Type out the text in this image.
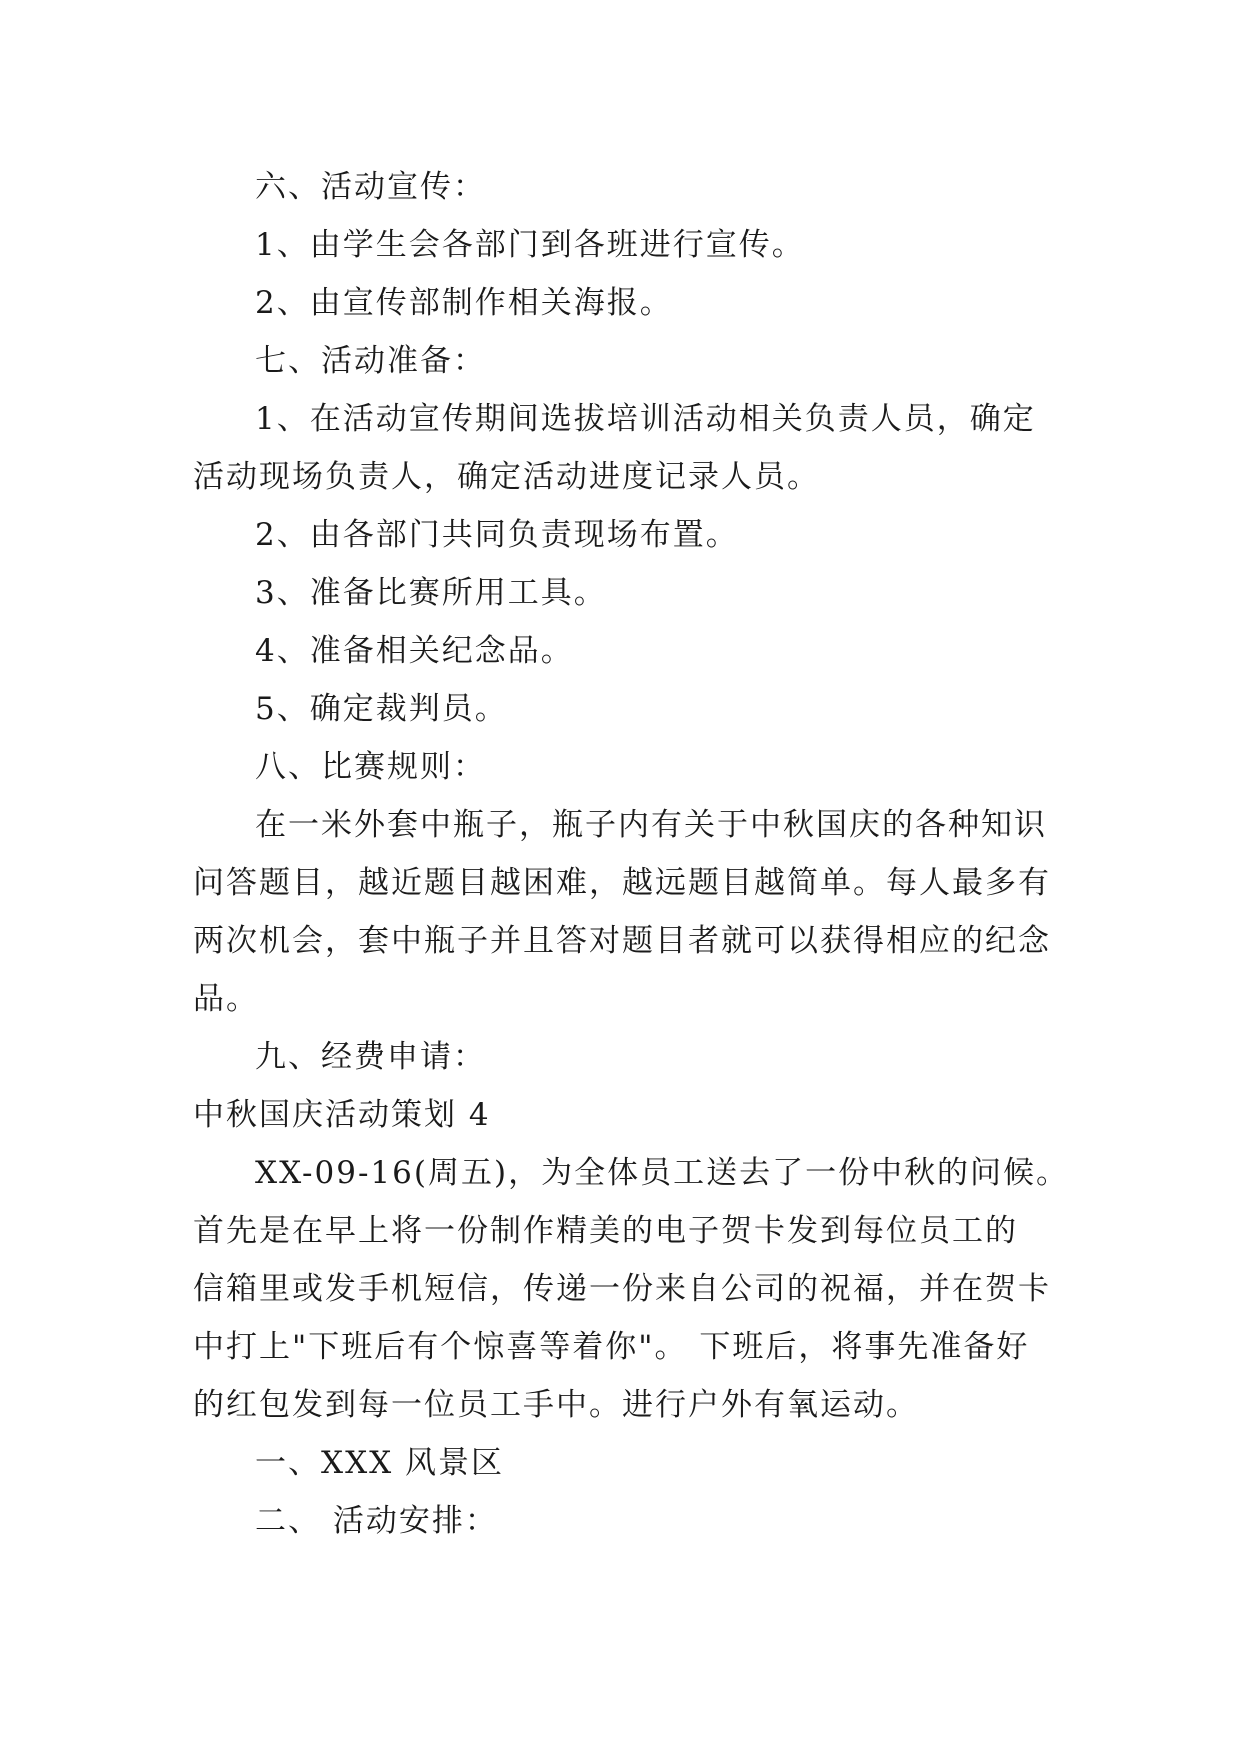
六、活动宣传：
1、由学生会各部门到各班进行宣传。
2、由宣传部制作相关海报。
七、活动准备：
1、在活动宣传期间选拔培训活动相关负责人员，确定
活动现场负责人，确定活动进度记录人员。
2、由各部门共同负责现场布置。
3、准备比赛所用工具。
4、准备相关纪念品。
5、确定裁判员。
八、比赛规则：
在一米外套中瓶子，瓶子内有关于中秋国庆的各种知识
问答题目，越近题目越困难，越远题目越简单。每人最多有
两次机会，套中瓶子并且答对题目者就可以获得相应的纪念
品。
九、经费申请：
中秋国庆活动策划 4
XX-09-16(周五)，为全体员工送去了一份中秋的问候。
首先是在早上将一份制作精美的电子贺卡发到每位员工的
信箱里或发手机短信，传递一份来自公司的祝福，并在贺卡
中打上"下班后有个惊喜等着你"。 下班后，将事先准备好
的红包发到每一位员工手中。进行户外有氧运动。
一、XXX 风景区
二、 活动安排：
